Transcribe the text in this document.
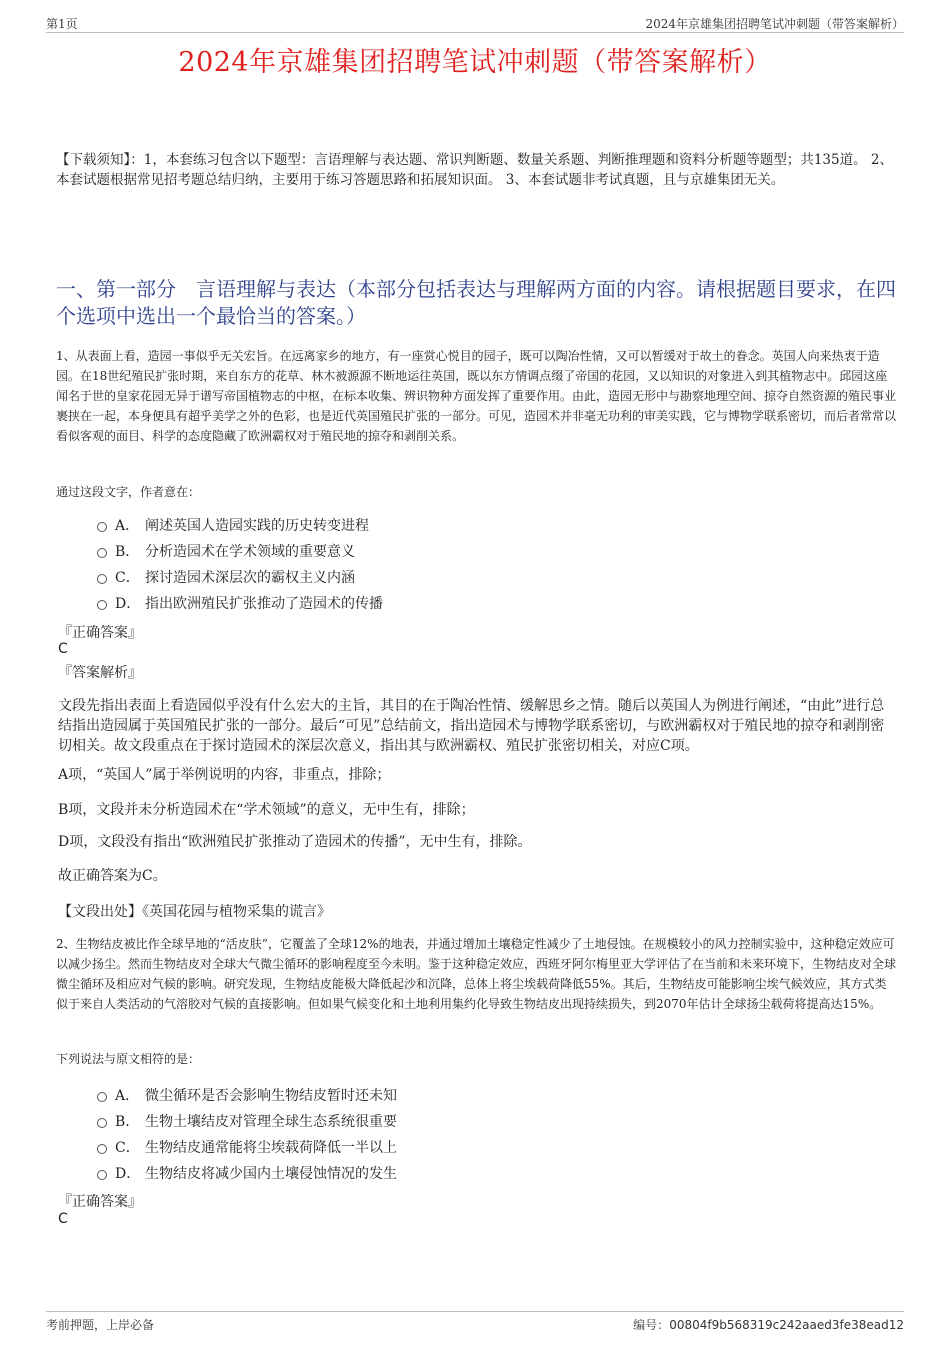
第1页	2024年京雄集团招聘笔试冲刺题（带答案解析）
2024年京雄集团招聘笔试冲刺题（带答案解析）
【下载须知】：1，本套练习包含以下题型：言语理解与表达题、常识判断题、数量关系题、判断推理题和资料分析题等题型；共135道。 2、本套试题根据常见招考题总结归纳，主要用于练习答题思路和拓展知识面。 3、本套试题非考试真题，且与京雄集团无关。
一、第一部分　言语理解与表达（本部分包括表达与理解两方面的内容。请根据题目要求，在四个选项中选出一个最恰当的答案。）
1、从表面上看，造园一事似乎无关宏旨。在远离家乡的地方，有一座赏心悦目的园子，既可以陶冶性情，又可以暂缓对于故土的眷念。英国人向来热衷于造园。在18世纪殖民扩张时期，来自东方的花草、林木被源源不断地运往英国，既以东方情调点缀了帝国的花园，又以知识的对象进入到其植物志中。邱园这座闻名于世的皇家花园无异于谱写帝国植物志的中枢，在标本收集、辨识物种方面发挥了重要作用。由此，造园无形中与勘察地理空间、掠夺自然资源的殖民事业裹挟在一起，本身便具有超乎美学之外的色彩，也是近代英国殖民扩张的一部分。可见，造园术并非毫无功利的审美实践，它与博物学联系密切，而后者常常以看似客观的面目、科学的态度隐藏了欧洲霸权对于殖民地的掠夺和剥削关系。
通过这段文字，作者意在：
A． 阐述英国人造园实践的历史转变进程
B． 分析造园术在学术领域的重要意义
C． 探讨造园术深层次的霸权主义内涵
D． 指出欧洲殖民扩张推动了造园术的传播
『正确答案』
C
『答案解析』
文段先指出表面上看造园似乎没有什么宏大的主旨，其目的在于陶冶性情、缓解思乡之情。随后以英国人为例进行阐述，“由此”进行总结指出造园属于英国殖民扩张的一部分。最后“可见”总结前文，指出造园术与博物学联系密切，与欧洲霸权对于殖民地的掠夺和剥削密切相关。故文段重点在于探讨造园术的深层次意义，指出其与欧洲霸权、殖民扩张密切相关，对应C项。
A项，“英国人”属于举例说明的内容，非重点，排除；
B项，文段并未分析造园术在“学术领域”的意义，无中生有，排除；
D项，文段没有指出“欧洲殖民扩张推动了造园术的传播”，无中生有，排除。
故正确答案为C。
【文段出处】《英国花园与植物采集的谎言》
2、生物结皮被比作全球旱地的“活皮肤”，它覆盖了全球12%的地表，并通过增加土壤稳定性减少了土地侵蚀。在规模较小的风力控制实验中，这种稳定效应可以减少扬尘。然而生物结皮对全球大气微尘循环的影响程度至今未明。鉴于这种稳定效应，西班牙阿尔梅里亚大学评估了在当前和未来环境下，生物结皮对全球微尘循环及相应对气候的影响。研究发现，生物结皮能极大降低起沙和沉降，总体上将尘埃载荷降低55%。其后，生物结皮可能影响尘埃气候效应，其方式类似于来自人类活动的气溶胶对气候的直接影响。但如果气候变化和土地利用集约化导致生物结皮出现持续损失，到2070年估计全球扬尘载荷将提高达15%。
下列说法与原文相符的是：
A． 微尘循环是否会影响生物结皮暂时还未知
B． 生物土壤结皮对管理全球生态系统很重要
C． 生物结皮通常能将尘埃载荷降低一半以上
D． 生物结皮将减少国内土壤侵蚀情况的发生
『正确答案』
C
考前押题，上岸必备	编号：00804f9b568319c242aaed3fe38ead12
